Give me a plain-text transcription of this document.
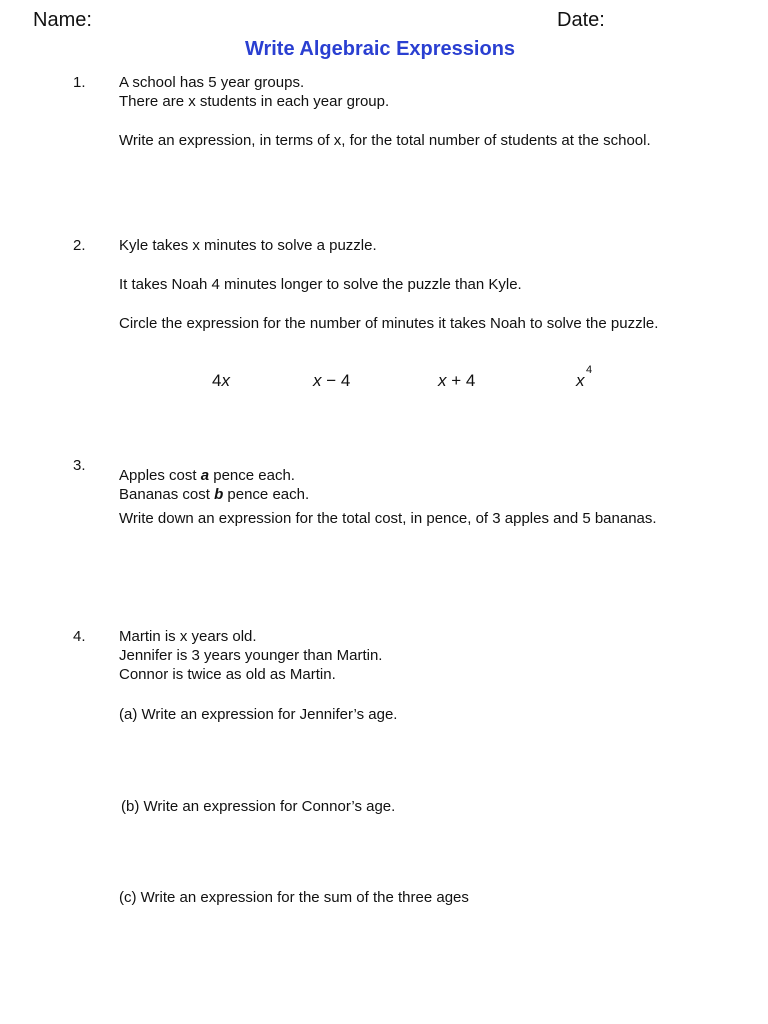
Name:	Date:
Write Algebraic Expressions
1. A school has 5 year groups.
There are x students in each year group.
Write an expression, in terms of x, for the total number of students at the school.
2. Kyle takes x minutes to solve a puzzle.
It takes Noah 4 minutes longer to solve the puzzle than Kyle.
Circle the expression for the number of minutes it takes Noah to solve the puzzle.
4x	x − 4	x + 4	x
4
3.
Apples cost a pence each.
Bananas cost b pence each.
Write down an expression for the total cost, in pence, of 3 apples and 5 bananas.
4. Martin is x years old.
Jennifer is 3 years younger than Martin.
Connor is twice as old as Martin.
(a) Write an expression for Jennifer’s age.
(b) Write an expression for Connor’s age.
(c) Write an expression for the sum of the three ages
